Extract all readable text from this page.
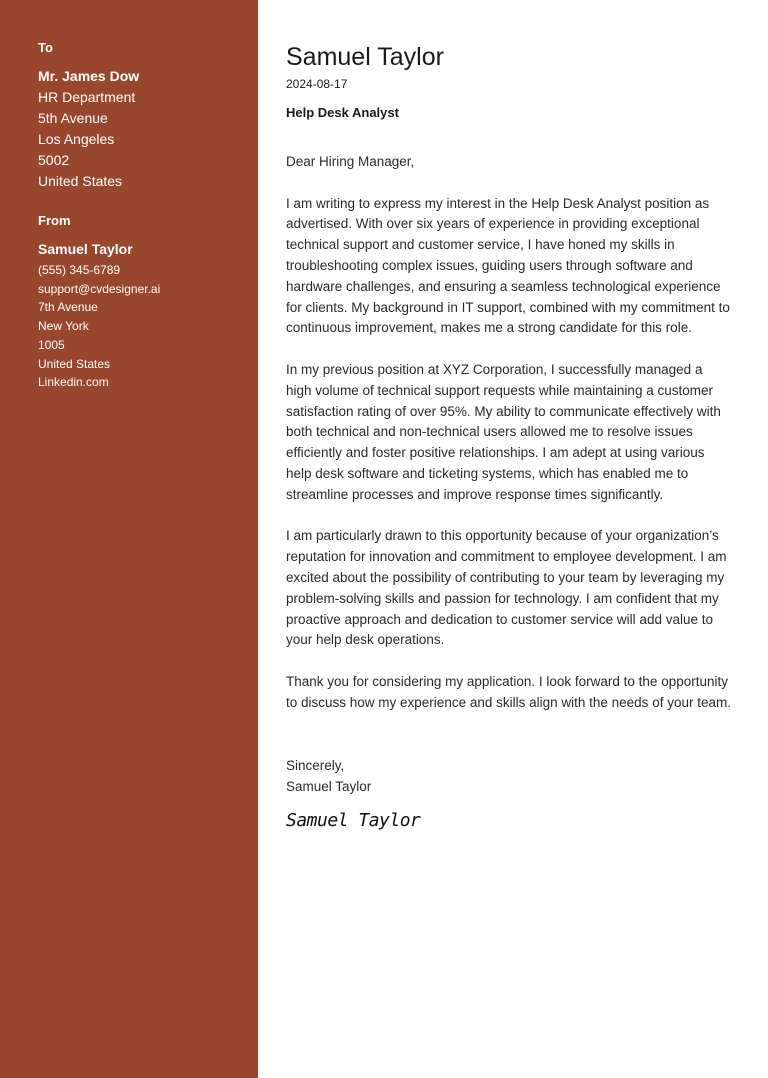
To
Mr. James Dow
HR Department
5th Avenue
Los Angeles
5002
United States
From
Samuel Taylor
(555) 345-6789
support@cvdesigner.ai
7th Avenue
New York
1005
United States
Linkedin.com
Samuel Taylor
2024-08-17
Help Desk Analyst

Dear Hiring Manager,

I am writing to express my interest in the Help Desk Analyst position as advertised. With over six years of experience in providing exceptional technical support and customer service, I have honed my skills in troubleshooting complex issues, guiding users through software and hardware challenges, and ensuring a seamless technological experience for clients. My background in IT support, combined with my commitment to continuous improvement, makes me a strong candidate for this role.

In my previous position at XYZ Corporation, I successfully managed a high volume of technical support requests while maintaining a customer satisfaction rating of over 95%. My ability to communicate effectively with both technical and non-technical users allowed me to resolve issues efficiently and foster positive relationships. I am adept at using various help desk software and ticketing systems, which has enabled me to streamline processes and improve response times significantly.

I am particularly drawn to this opportunity because of your organization’s reputation for innovation and commitment to employee development. I am excited about the possibility of contributing to your team by leveraging my problem-solving skills and passion for technology. I am confident that my proactive approach and dedication to customer service will add value to your help desk operations.

Thank you for considering my application. I look forward to the opportunity to discuss how my experience and skills align with the needs of your team.

Sincerely,
Samuel Taylor
Samuel Taylor
